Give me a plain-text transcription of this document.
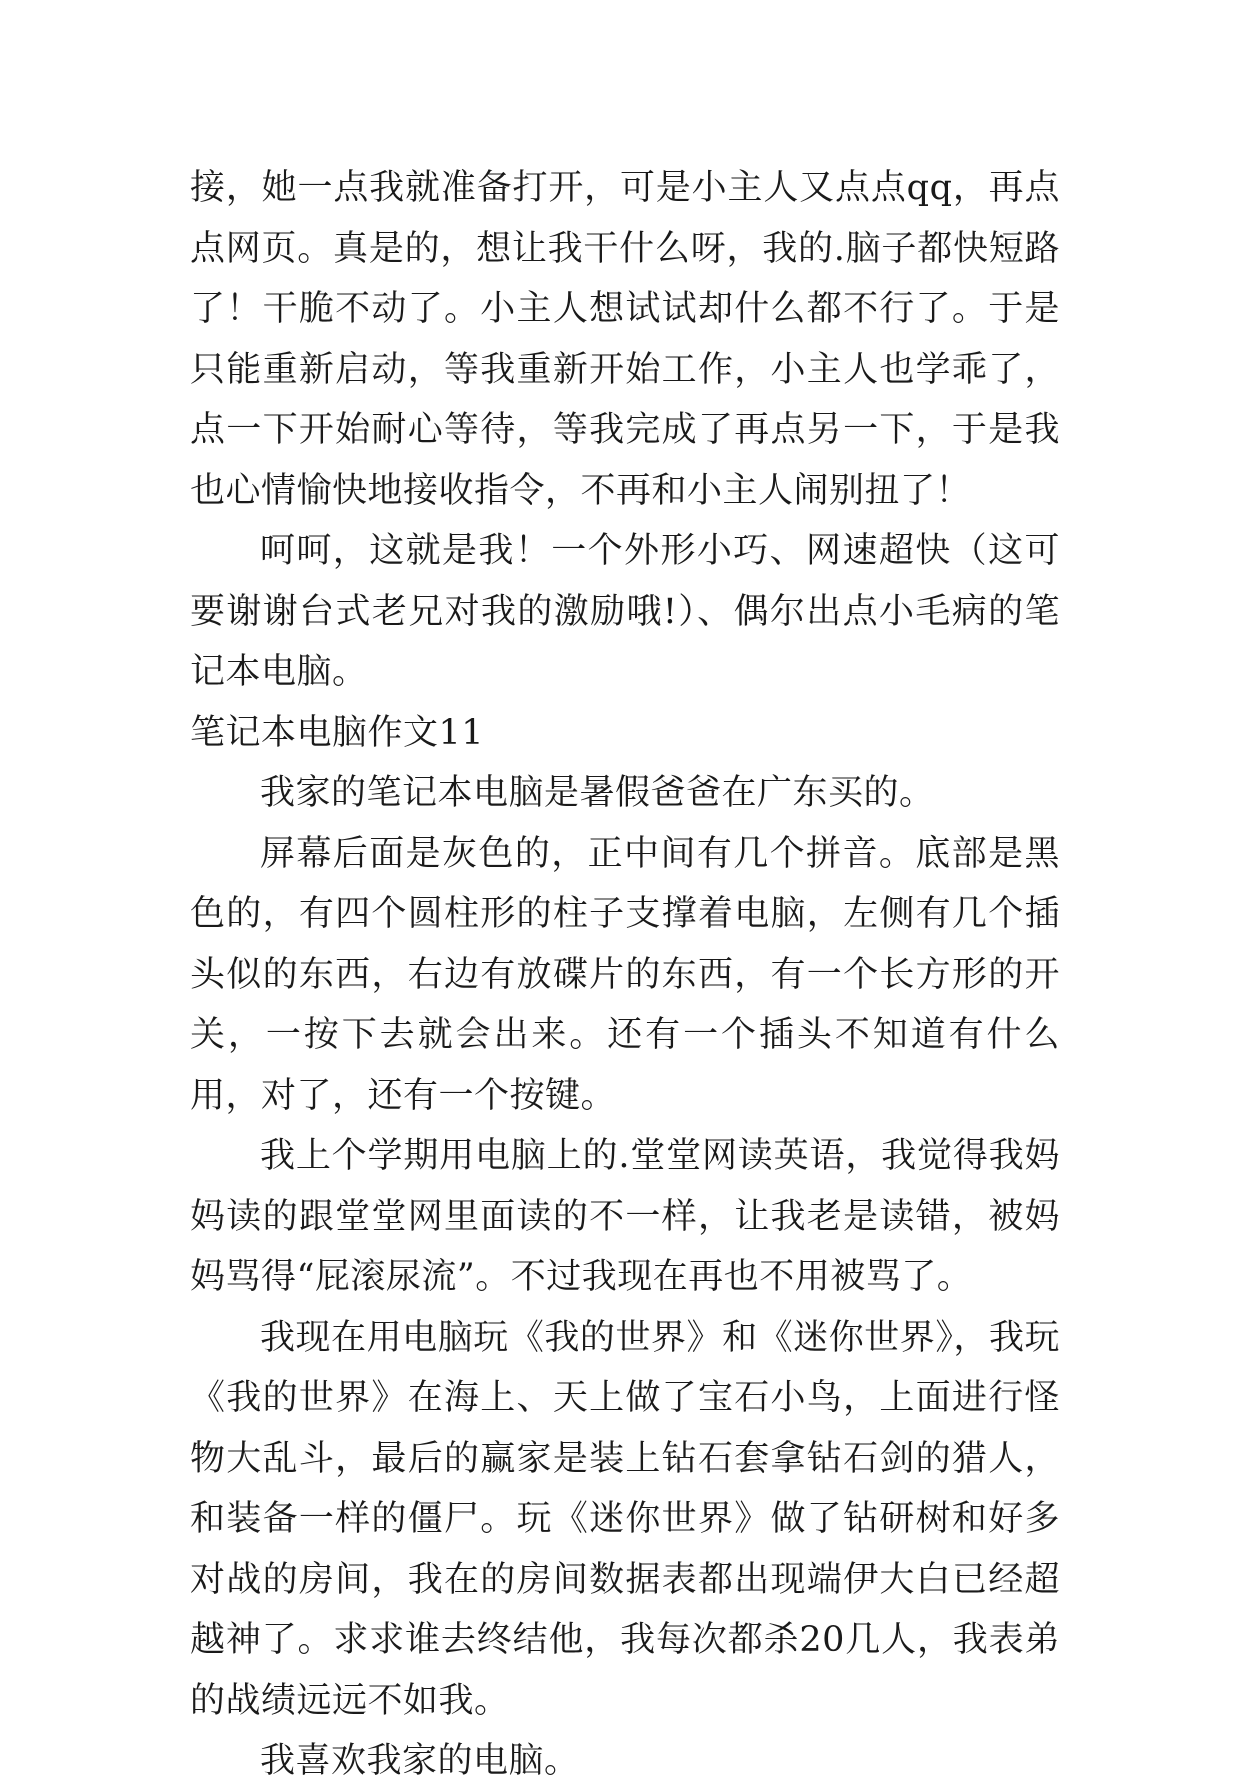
接，她一点我就准备打开，可是小主人又点点qq，再点点网页。真是的，想让我干什么呀，我的.脑子都快短路了！干脆不动了。小主人想试试却什么都不行了。于是只能重新启动，等我重新开始工作，小主人也学乖了，点一下开始耐心等待，等我完成了再点另一下，于是我也心情愉快地接收指令，不再和小主人闹别扭了！

呵呵，这就是我！一个外形小巧、网速超快（这可要谢谢台式老兄对我的激励哦!）、偶尔出点小毛病的笔记本电脑。

笔记本电脑作文11

我家的笔记本电脑是暑假爸爸在广东买的。

屏幕后面是灰色的，正中间有几个拼音。底部是黑色的，有四个圆柱形的柱子支撑着电脑，左侧有几个插头似的东西，右边有放碟片的东西，有一个长方形的开关，一按下去就会出来。还有一个插头不知道有什么用，对了，还有一个按键。

我上个学期用电脑上的.堂堂网读英语，我觉得我妈妈读的跟堂堂网里面读的不一样，让我老是读错，被妈妈骂得“屁滚尿流”。不过我现在再也不用被骂了。

我现在用电脑玩《我的世界》和《迷你世界》，我玩《我的世界》在海上、天上做了宝石小鸟，上面进行怪物大乱斗，最后的赢家是装上钻石套拿钻石剑的猎人，和装备一样的僵尸。玩《迷你世界》做了钻研树和好多对战的房间，我在的房间数据表都出现端伊大白已经超越神了。求求谁去终结他，我每次都杀20几人，我表弟的战绩远远不如我。

我喜欢我家的电脑。
